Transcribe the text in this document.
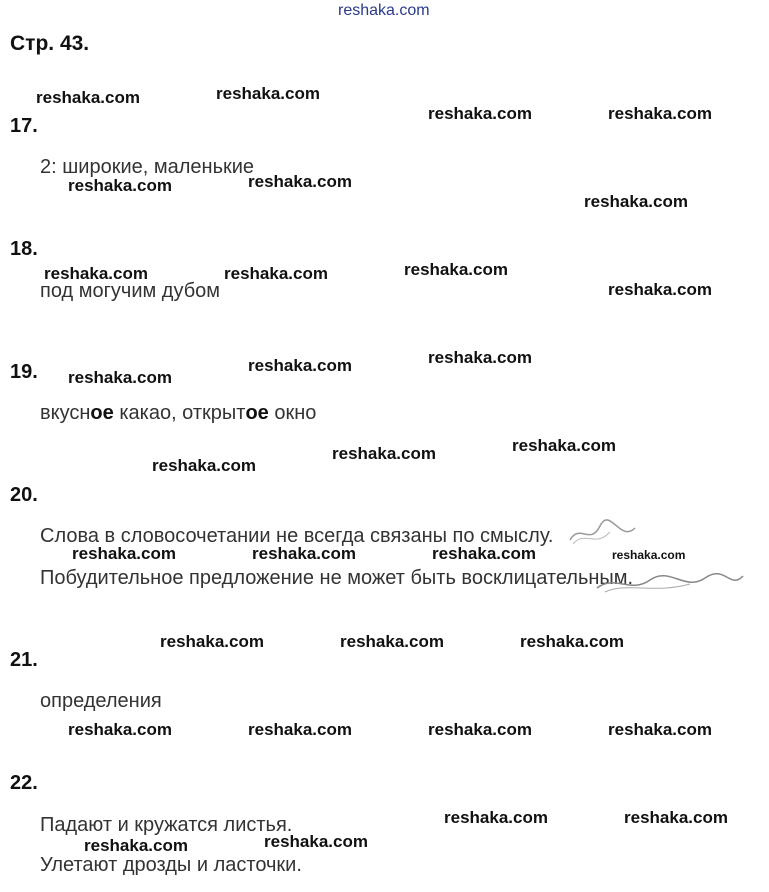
reshaka.com
Стр. 43.
17.
2: широкие, маленькие
18.
под могучим дубом
19.
вкусное какао, открытое окно
20.
Слова в словосочетании не всегда связаны по смыслу.
Побудительное предложение не может быть восклицательным.
21.
определения
22.
Падают и кружатся листья.
Улетают дрозды и ласточки.
reshaka.com	reshaka.com
reshaka.com	reshaka.com
reshaka.com	reshaka.com
reshaka.com
reshaka.com	reshaka.com	reshaka.com
reshaka.com
reshaka.com
reshaka.com	reshaka.com
reshaka.com
reshaka.com	reshaka.com
reshaka.com	reshaka.com	reshaka.com	reshaka.com
reshaka.com	reshaka.com	reshaka.com
reshaka.com	reshaka.com	reshaka.com	reshaka.com
reshaka.com	reshaka.com
reshaka.com	reshaka.com
